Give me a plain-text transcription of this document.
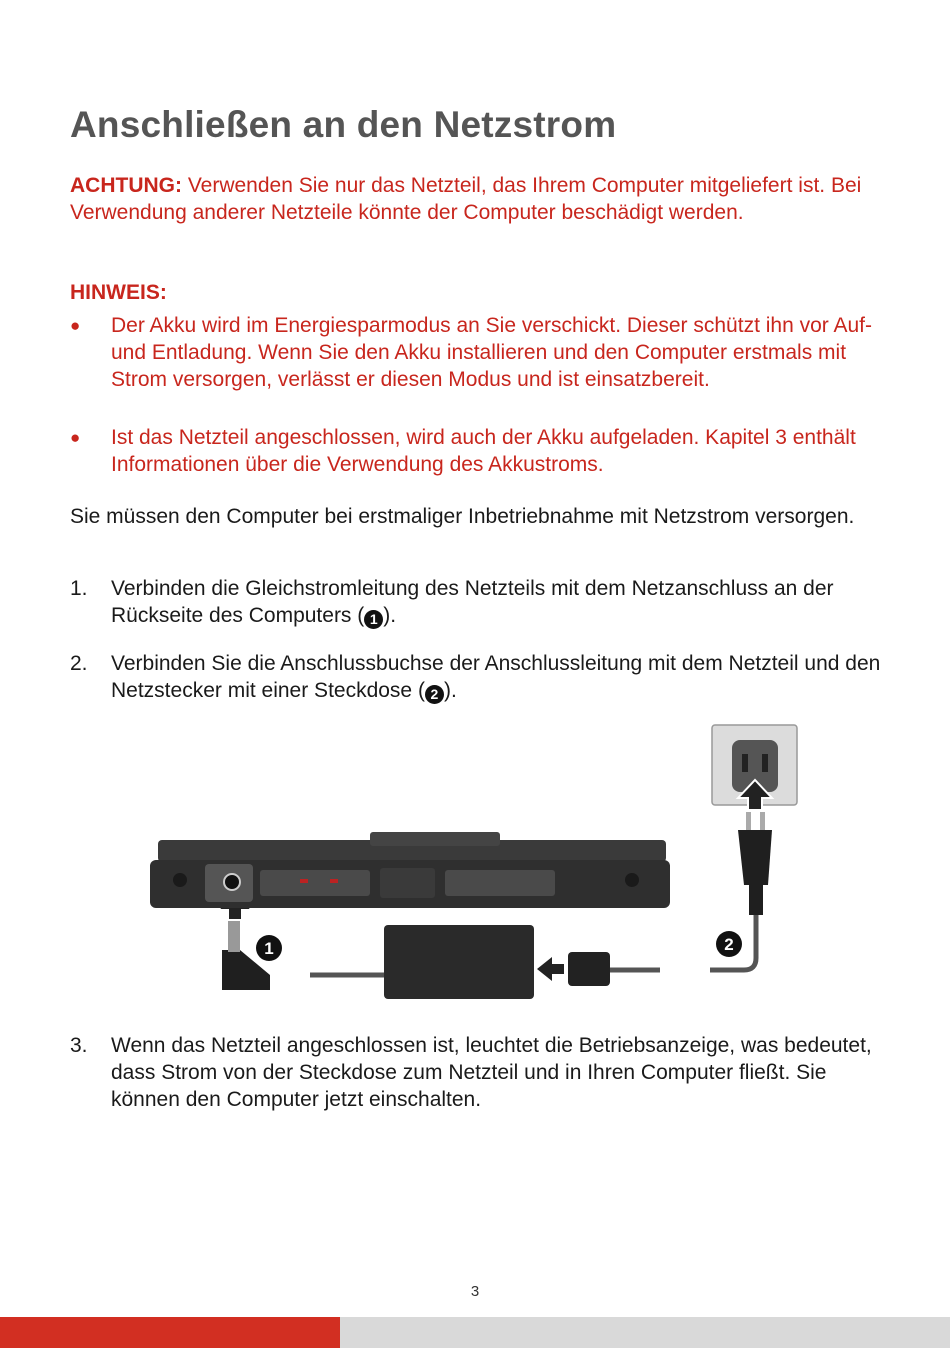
Anschließen an den Netzstrom

ACHTUNG: Verwenden Sie nur das Netzteil, das Ihrem Computer mitgeliefert ist. Bei Verwendung anderer Netzteile könnte der Computer beschädigt werden.

HINWEIS:

● Der Akku wird im Energiesparmodus an Sie verschickt. Dieser schützt ihn vor Auf- und Entladung. Wenn Sie den Akku installieren und den Computer erstmals mit Strom versorgen, verlässt er diesen Modus und ist einsatzbereit.
● Ist das Netzteil angeschlossen, wird auch der Akku aufgeladen. Kapitel 3 enthält Informationen über die Verwendung des Akkustroms.

Sie müssen den Computer bei erstmaliger Inbetriebnahme mit Netzstrom versorgen.

1. Verbinden die Gleichstromleitung des Netzteils mit dem Netzanschluss an der Rückseite des Computers ( 1 ).
2. Verbinden Sie die Anschlussbuchse der Anschlussleitung mit dem Netzteil und den Netzstecker mit einer Steckdose ( 2 ).
1	2
3. Wenn das Netzteil angeschlossen ist, leuchtet die Betriebsanzeige, was bedeutet, dass Strom von der Steckdose zum Netzteil und in Ihren Computer fließt. Sie können den Computer jetzt einschalten.
3
